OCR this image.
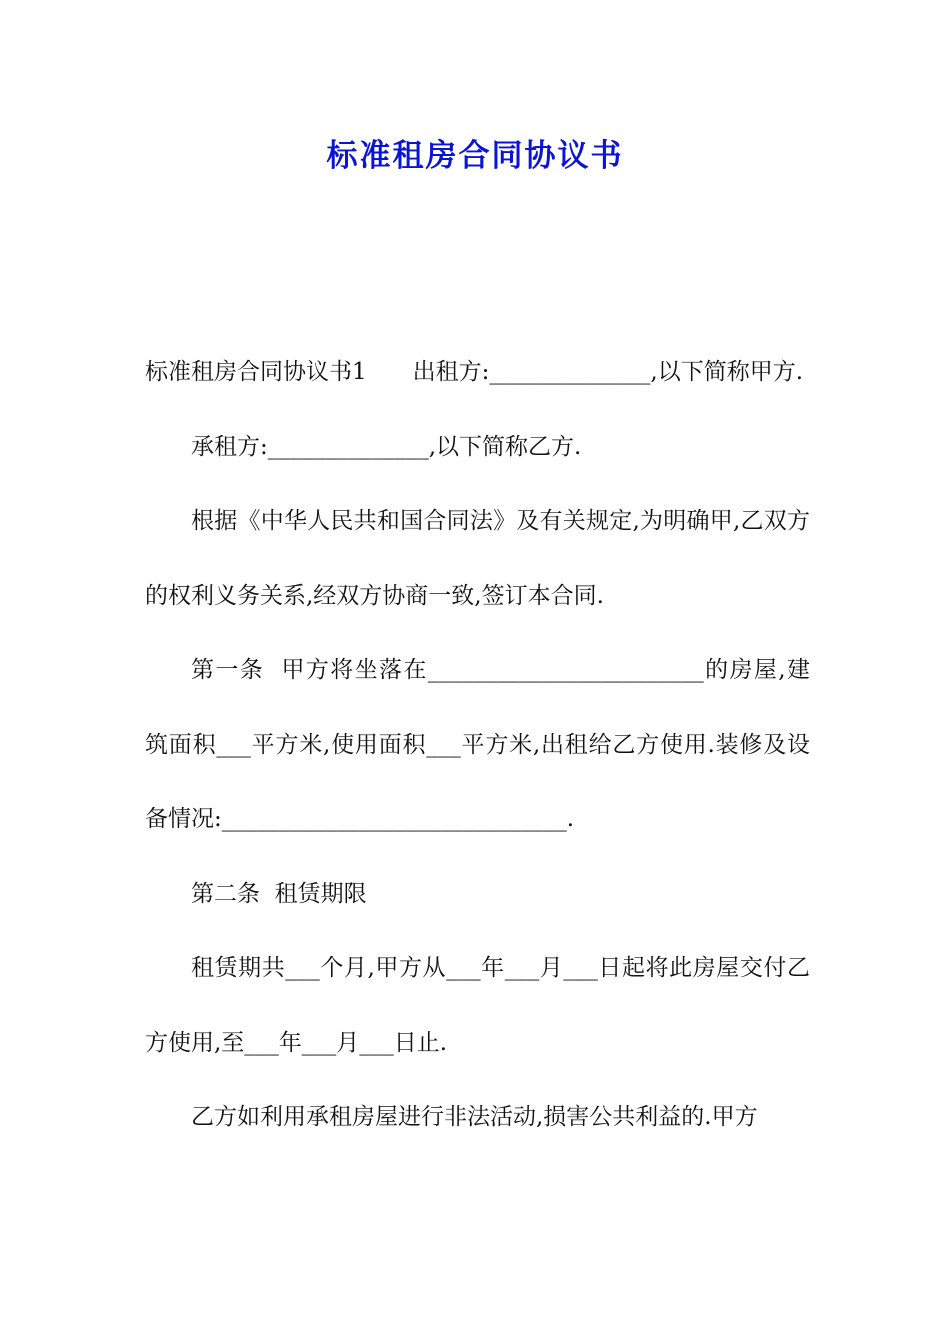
标准租房合同协议书

标准租房合同协议书1　　出租方:______________,以下简称甲方.

承租方:______________,以下简称乙方.

根据《中华人民共和国合同法》及有关规定,为明确甲,乙双方的权利义务关系,经双方协商一致,签订本合同.

第一条  甲方将坐落在________________________的房屋,建筑面积___平方米,使用面积___平方米,出租给乙方使用.装修及设备情况:______________________________.

第二条  租赁期限

租赁期共___个月,甲方从___年___月___日起将此房屋交付乙方使用,至___年___月___日止.

乙方如利用承租房屋进行非法活动,损害公共利益的.甲方
